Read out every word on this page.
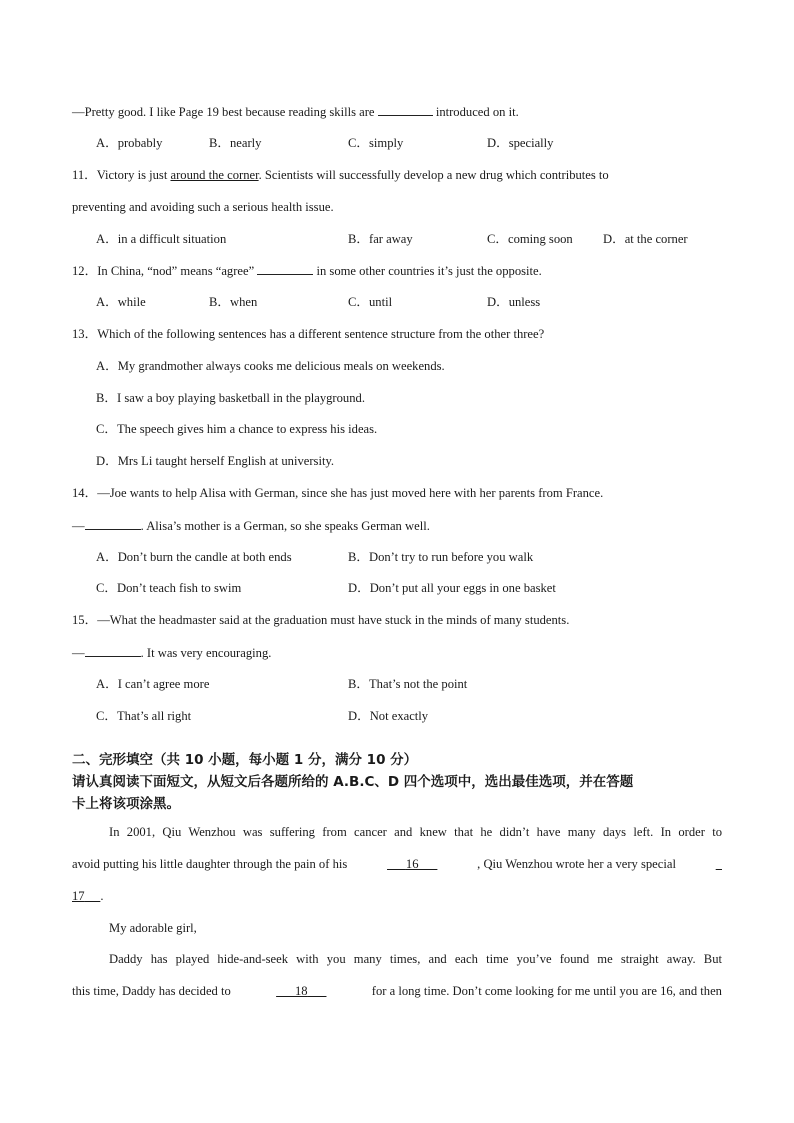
—Pretty good. I like Page 19 best because reading skills are	introduced on it.
A．probably	B．nearly	C．simply	D．specially
11．Victory is just around the corner. Scientists will successfully develop a new drug which contributes to
preventing and avoiding such a serious health issue.
A．in a difficult situation	B．far away	C．coming soon D．at the corner
12．In China, “nod” means “agree”	in some other countries it’s just the opposite.
A．while	B．when	C．until	D．unless
13．Which of the following sentences has a different sentence structure from the other three?
A．My grandmother always cooks me delicious meals on weekends.
B．I saw a boy playing basketball in the playground.
C．The speech gives him a chance to express his ideas.
D．Mrs Li taught herself English at university.
14．—Joe wants to help Alisa with German, since she has just moved here with her parents from France.
—	. Alisa’s mother is a German, so she speaks German well.
A．Don’t burn the candle at both ends	B．Don’t try to run before you walk
C．Don’t teach fish to swim	D．Don’t put all your eggs in one basket
15．—What the headmaster said at the graduation must have stuck in the minds of many students.
—	. It was very encouraging.
A．I can’t agree more	B．That’s not the point
C．That’s all right	D．Not exactly
二、完形填空（共 10 小题，每小题 1 分，满分 10 分）
请认真阅读下面短文，从短文后各题所给的 A.B.C、D 四个选项中，选出最佳选项，并在答题
卡上将该项涂黑。
In 2001, Qiu Wenzhou was suffering from cancer and knew that he didn’t have many days left. In order to
avoid putting his little daughter through the pain of his	16	, Qiu Wenzhou wrote her a very special

17 .
My adorable girl,
Daddy has played hide-and-seek with you many times, and each time you’ve found me straight away. But
this time, Daddy has decided to	18	for a long time. Don’t come looking for me until you are 16, and then
